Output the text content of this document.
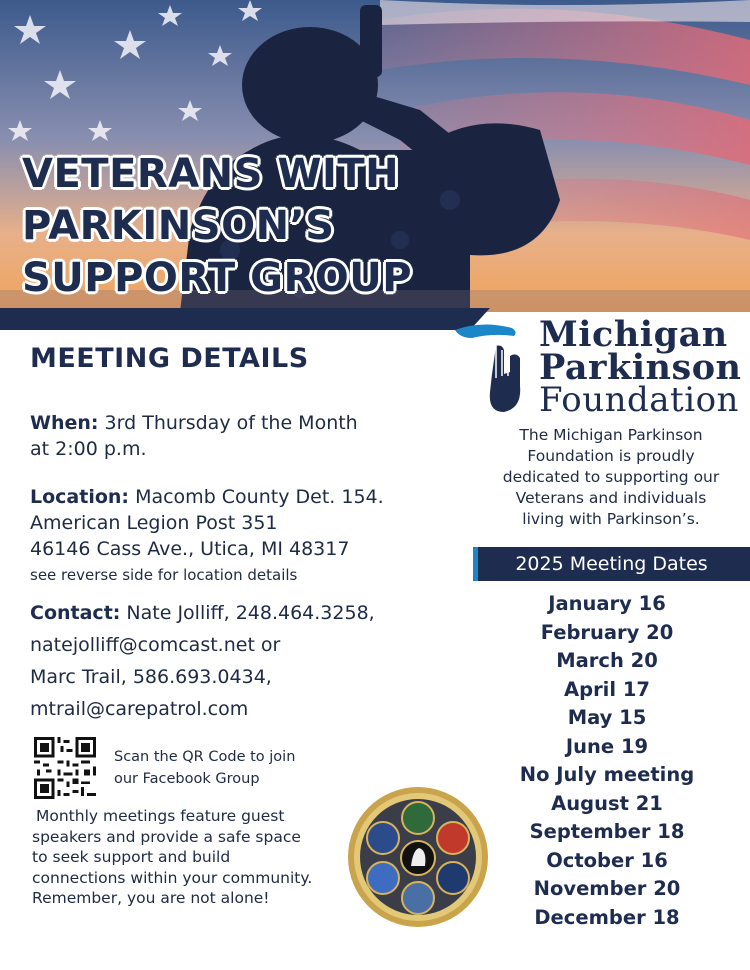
VETERANS WITH
PARKINSON’S
SUPPORT GROUP
Michigan
Parkinson
Foundation
The Michigan Parkinson
Foundation is proudly
dedicated to supporting our
Veterans and individuals
living with Parkinson’s.
MEETING DETAILS
When: 3rd Thursday of the Month
at 2:00 p.m.
Location: Macomb County Det. 154.
American Legion Post 351
46146 Cass Ave., Utica, MI 48317
see reverse side for location details
Contact: Nate Jolliff, 248.464.3258,
natejolliff@comcast.net or
Marc Trail, 586.693.0434,
mtrail@carepatrol.com
Scan the QR Code to join
our Facebook Group
Monthly meetings feature guest
speakers and provide a safe space
to seek support and build
connections within your community.
Remember, you are not alone!
2025 Meeting Dates
January 16
February 20
March 20
April 17
May 15
June 19
No July meeting
August 21
September 18
October 16
November 20
December 18
